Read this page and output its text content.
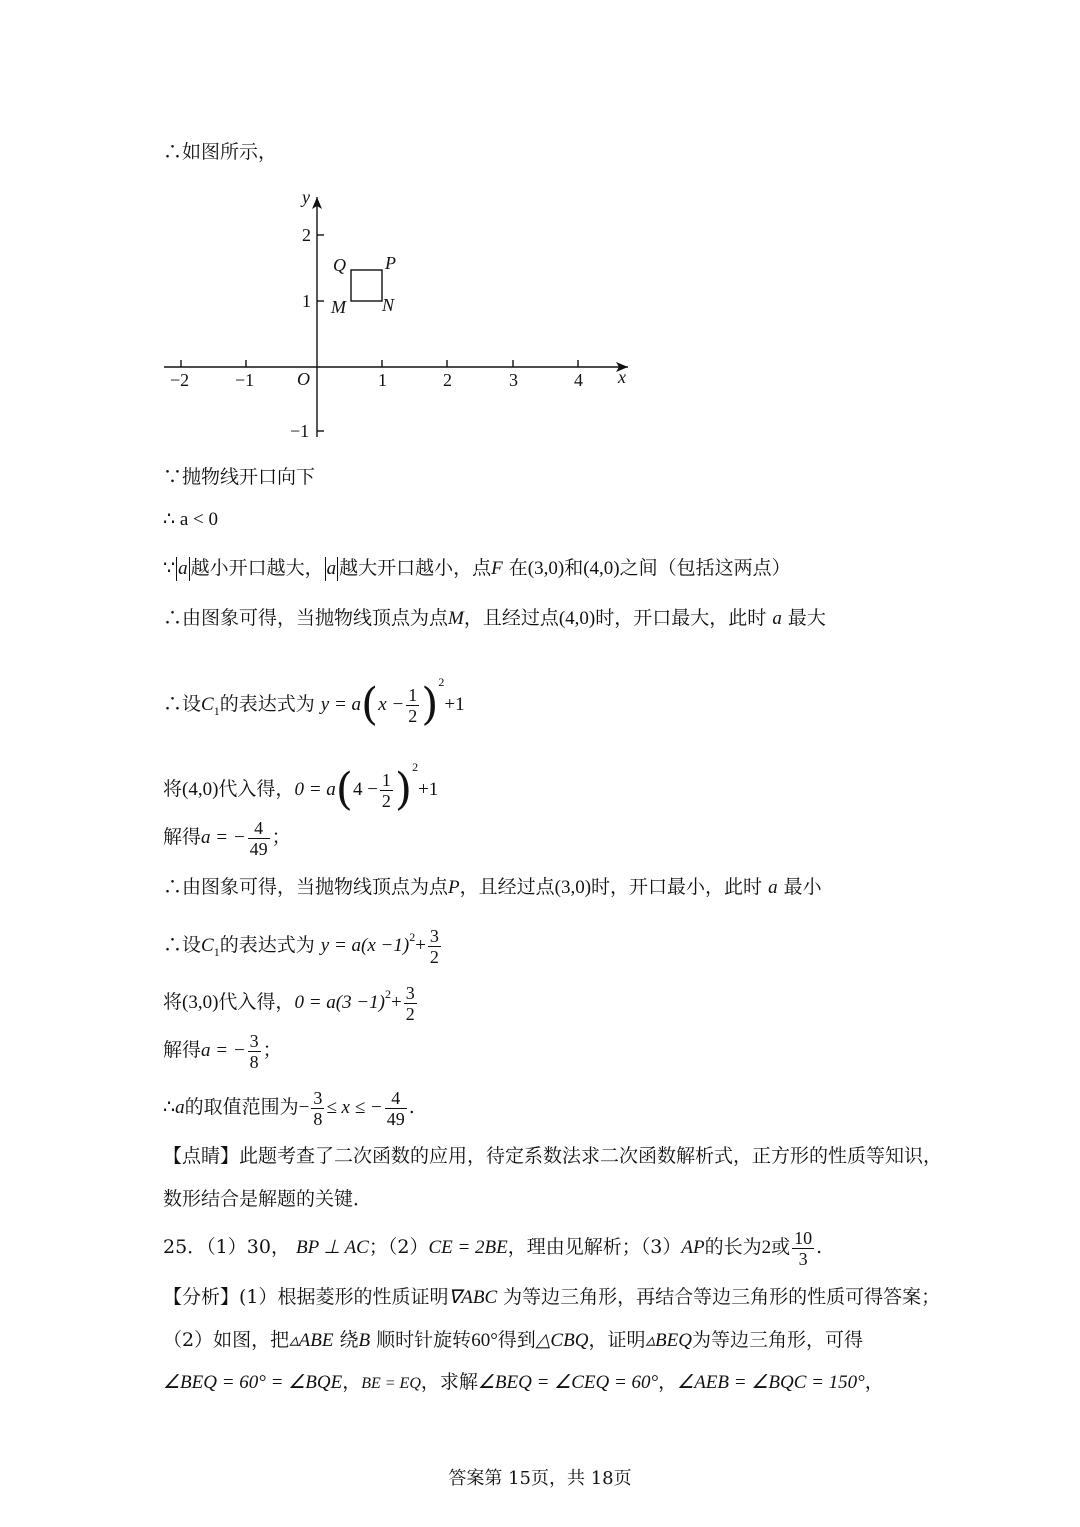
∴如图所示，
x
y
O
−2	−1	1	2	3	4
2
1
−1
Q P
M N
∵抛物线开口向下
∴ a < 0
∵ a 越小开口越大， a 越大开口越小，点F 在(3,0)和(4,0)之间（包括这两点）
∴由图象可得，当抛物线顶点为点M，且经过点(4,0)时，开口最大，此时 a 最大
∴设$C_1$的表达式为 $y = a(x - \frac{1}{2} )^2+1$
将(4,0)代入得，$0 = a(4 - \frac{1}{2} )^2+1$
解得a = − $\frac{4}{49}$ ；
∴由图象可得，当抛物线顶点为点P，且经过点(3,0)时，开口最小，此时 a 最小
∴设$C_1$的表达式为 $y = a(x -1)^2+ \frac{3}{2}$
将(3,0)代入得，$0 = a(3 -1)^2+ \frac{3}{2}$
解得a = − $\frac{3}{8}$ ；
∴a的取值范围为− $\frac{3}{8} \le x$ ≤ − $\frac{4}{49}$ .
【点睛】此题考查了二次函数的应用，待定系数法求二次函数解析式，正方形的性质等知识，
数形结合是解题的关键．
25．（1）30， BP ⊥ AC；（2）CE = 2BE，理由见解析；（3）AP的长为2或 $\frac{10}{3}$ .
【分析】(1）根据菱形的性质证明∇ABC 为等边三角形，再结合等边三角形的性质可得答案；
（2）如图，把▵ABE 绕B 顺时针旋转60°得到△CBQ，证明▵BEQ为等边三角形，可得
∠BEQ = 60° = ∠BQE，BE = EQ，求解∠BEQ = ∠CEQ = 60°，∠AEB = ∠BQC = 150°，
答案第 15页，共 18页
